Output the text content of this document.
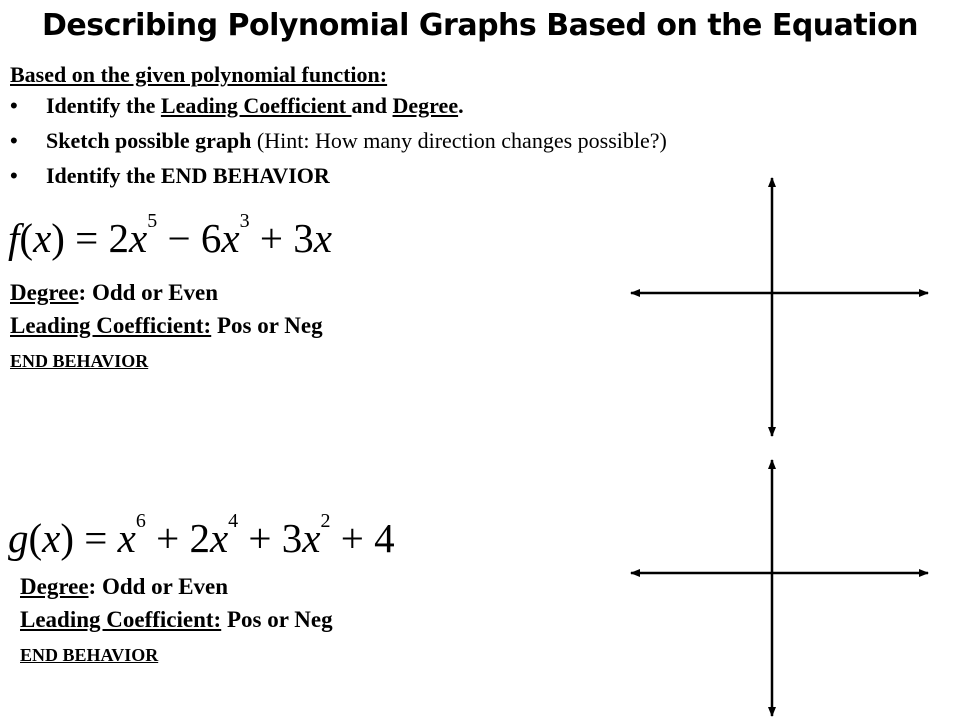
Describing Polynomial Graphs Based on the Equation
Based on the given polynomial function:
• Identify the Leading Coefficient and Degree.
• Sketch possible graph (Hint: How many direction changes possible?)
• Identify the END BEHAVIOR
$f(x) = 2x^5 - 6x^3 + 3x$
Degree: Odd or Even
Leading Coefficient: Pos or Neg
END BEHAVIOR
$g(x) = x^6 + 2x^4 + 3x^2 + 4$
Degree: Odd or Even
Leading Coefficient: Pos or Neg
END BEHAVIOR
